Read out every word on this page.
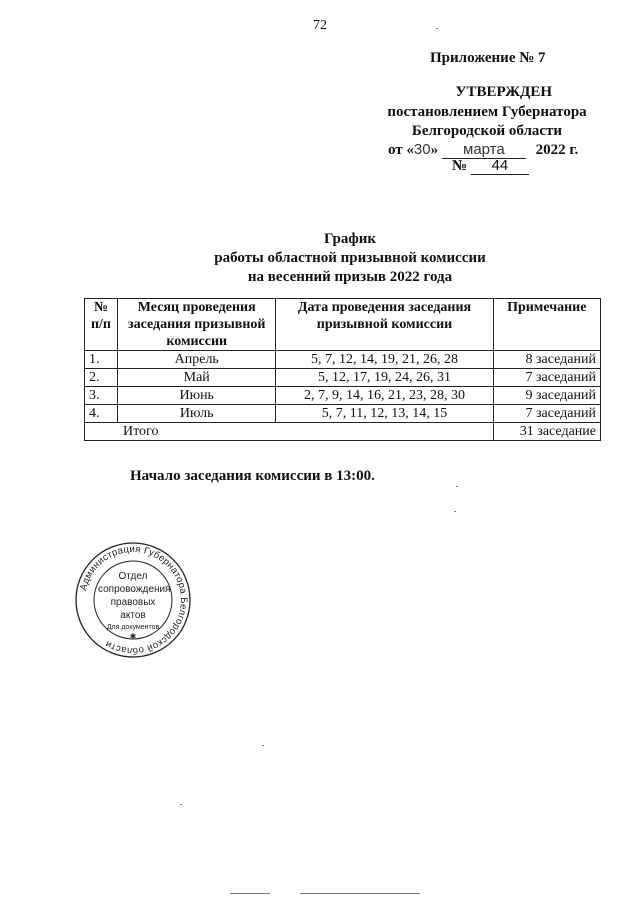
72
Приложение № 7
УТВЕРЖДЕН
постановлением Губернатора
Белгородской области
от «30» марта 2022 г.
№ 44
График
работы областной призывной комиссии
на весенний призыв 2022 года
№ п/п	Месяц проведения заседания призывной комиссии	Дата проведения заседания призывной комиссии	Примечание
1.	Апрель	5, 7, 12, 14, 19, 21, 26, 28	8 заседаний
2.	Май	5, 12, 17, 19, 24, 26, 31	7 заседаний
3.	Июнь	2, 7, 9, 14, 16, 21, 23, 28, 30	9 заседаний
4.	Июль	5, 7, 11, 12, 13, 14, 15	7 заседаний
Итого			31 заседание
Начало заседания комиссии в 13:00.
Администрация Губернатора Белгородской области
Отдел
сопровождения
правовых
актов
Для документов
✱
